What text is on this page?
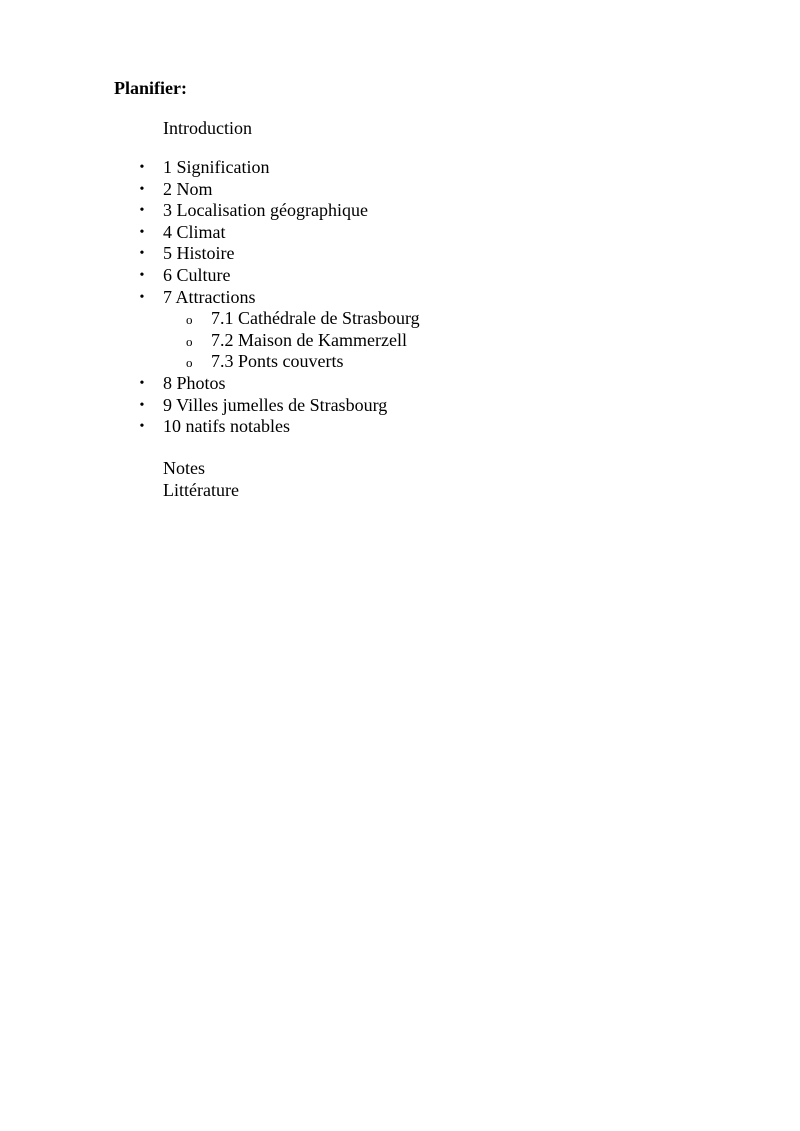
Planifier:

Introduction

• 1 Signification
• 2 Nom
• 3 Localisation géographique
• 4 Climat
• 5 Histoire
• 6 Culture
• 7 Attractions
o 7.1 Cathédrale de Strasbourg
o 7.2 Maison de Kammerzell
o 7.3 Ponts couverts
• 8 Photos
• 9 Villes jumelles de Strasbourg
• 10 natifs notables

Notes

Littérature
